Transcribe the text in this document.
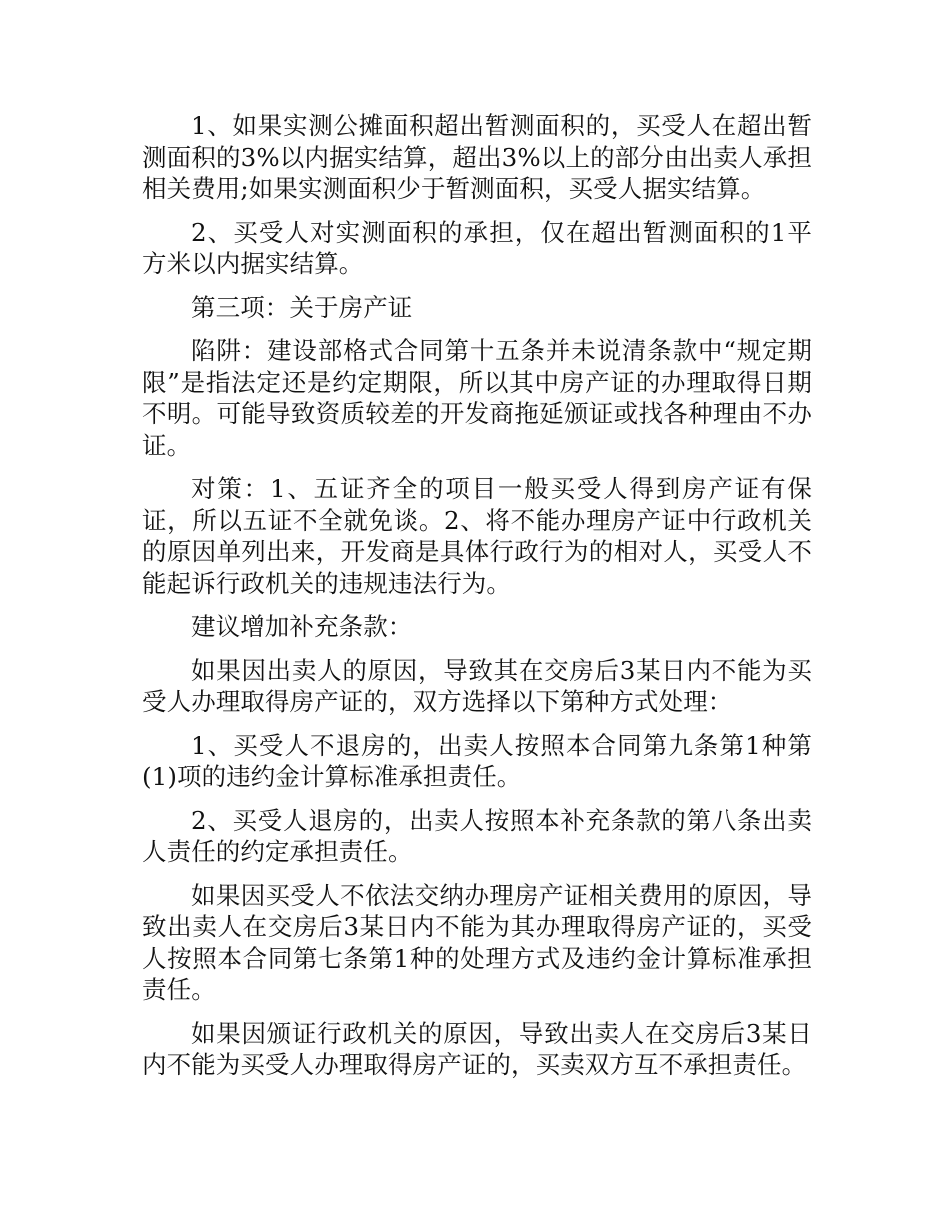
1、如果实测公摊面积超出暂测面积的，买受人在超出暂测面积的3%以内据实结算，超出3%以上的部分由出卖人承担相关费用;如果实测面积少于暂测面积，买受人据实结算。

2、买受人对实测面积的承担，仅在超出暂测面积的1平方米以内据实结算。

第三项：关于房产证

陷阱：建设部格式合同第十五条并未说清条款中“规定期限”是指法定还是约定期限，所以其中房产证的办理取得日期不明。可能导致资质较差的开发商拖延颁证或找各种理由不办证。

对策：1、五证齐全的项目一般买受人得到房产证有保证，所以五证不全就免谈。2、将不能办理房产证中行政机关的原因单列出来，开发商是具体行政行为的相对人，买受人不能起诉行政机关的违规违法行为。

建议增加补充条款：

如果因出卖人的原因，导致其在交房后3某日内不能为买受人办理取得房产证的，双方选择以下第种方式处理：

1、买受人不退房的，出卖人按照本合同第九条第1种第(1)项的违约金计算标准承担责任。

2、买受人退房的，出卖人按照本补充条款的第八条出卖人责任的约定承担责任。

如果因买受人不依法交纳办理房产证相关费用的原因，导致出卖人在交房后3某日内不能为其办理取得房产证的，买受人按照本合同第七条第1种的处理方式及违约金计算标准承担责任。

如果因颁证行政机关的原因，导致出卖人在交房后3某日内不能为买受人办理取得房产证的，买卖双方互不承担责任。
